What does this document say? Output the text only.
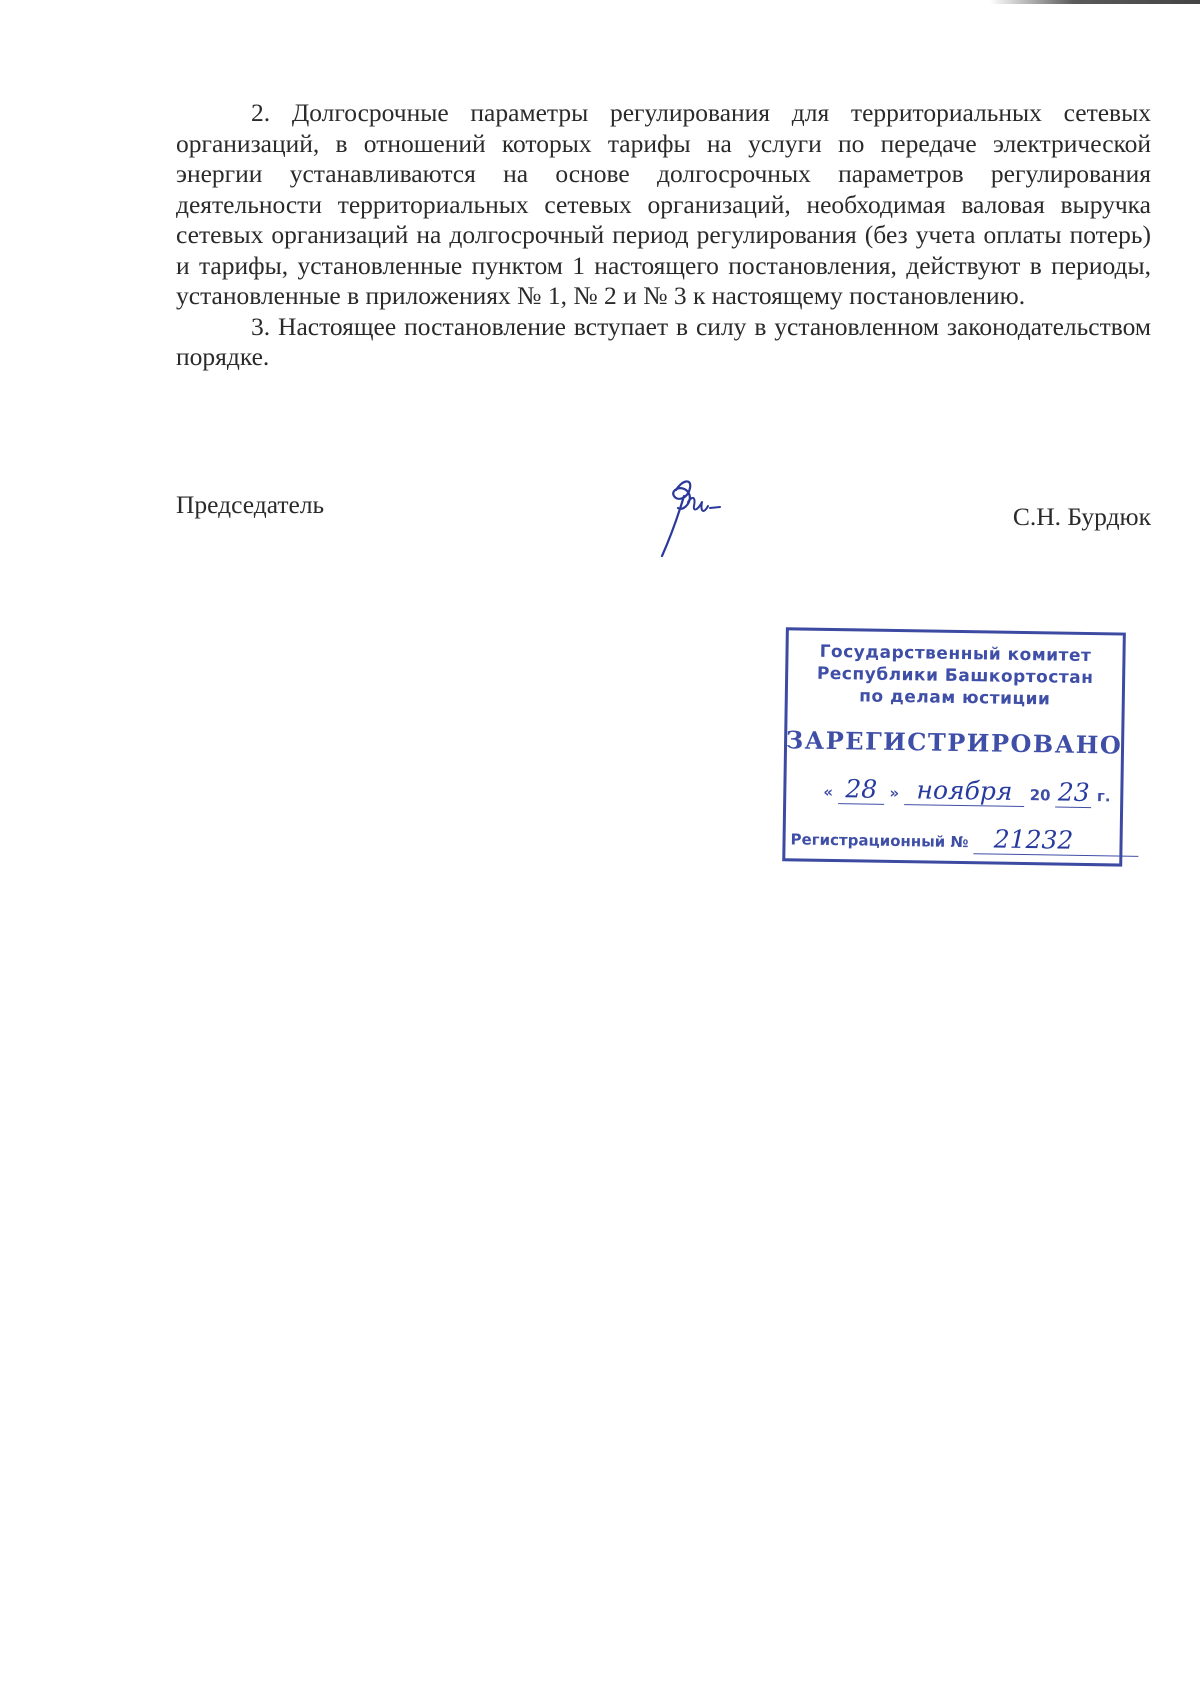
2. Долгосрочные параметры регулирования для территориальных сетевых организаций, в отношений которых тарифы на услуги по передаче электрической энергии устанавливаются на основе долгосрочных параметров регулирования деятельности территориальных сетевых организаций, необходимая валовая выручка сетевых организаций на долгосрочный период регулирования (без учета оплаты потерь) и тарифы, установленные пунктом 1 настоящего постановления, действуют в периоды, установленные в приложениях № 1, № 2 и № 3 к настоящему постановлению.

3. Настоящее постановление вступает в силу в установленном законодательством порядке.

Председатель	С.Н. Бурдюк
Государственный комитет
Республики Башкортостан
по делам юстиции
ЗАРЕГИСТРИРОВАНО
« 28 » ноября 20 23 г.
Регистрационный № 21232
